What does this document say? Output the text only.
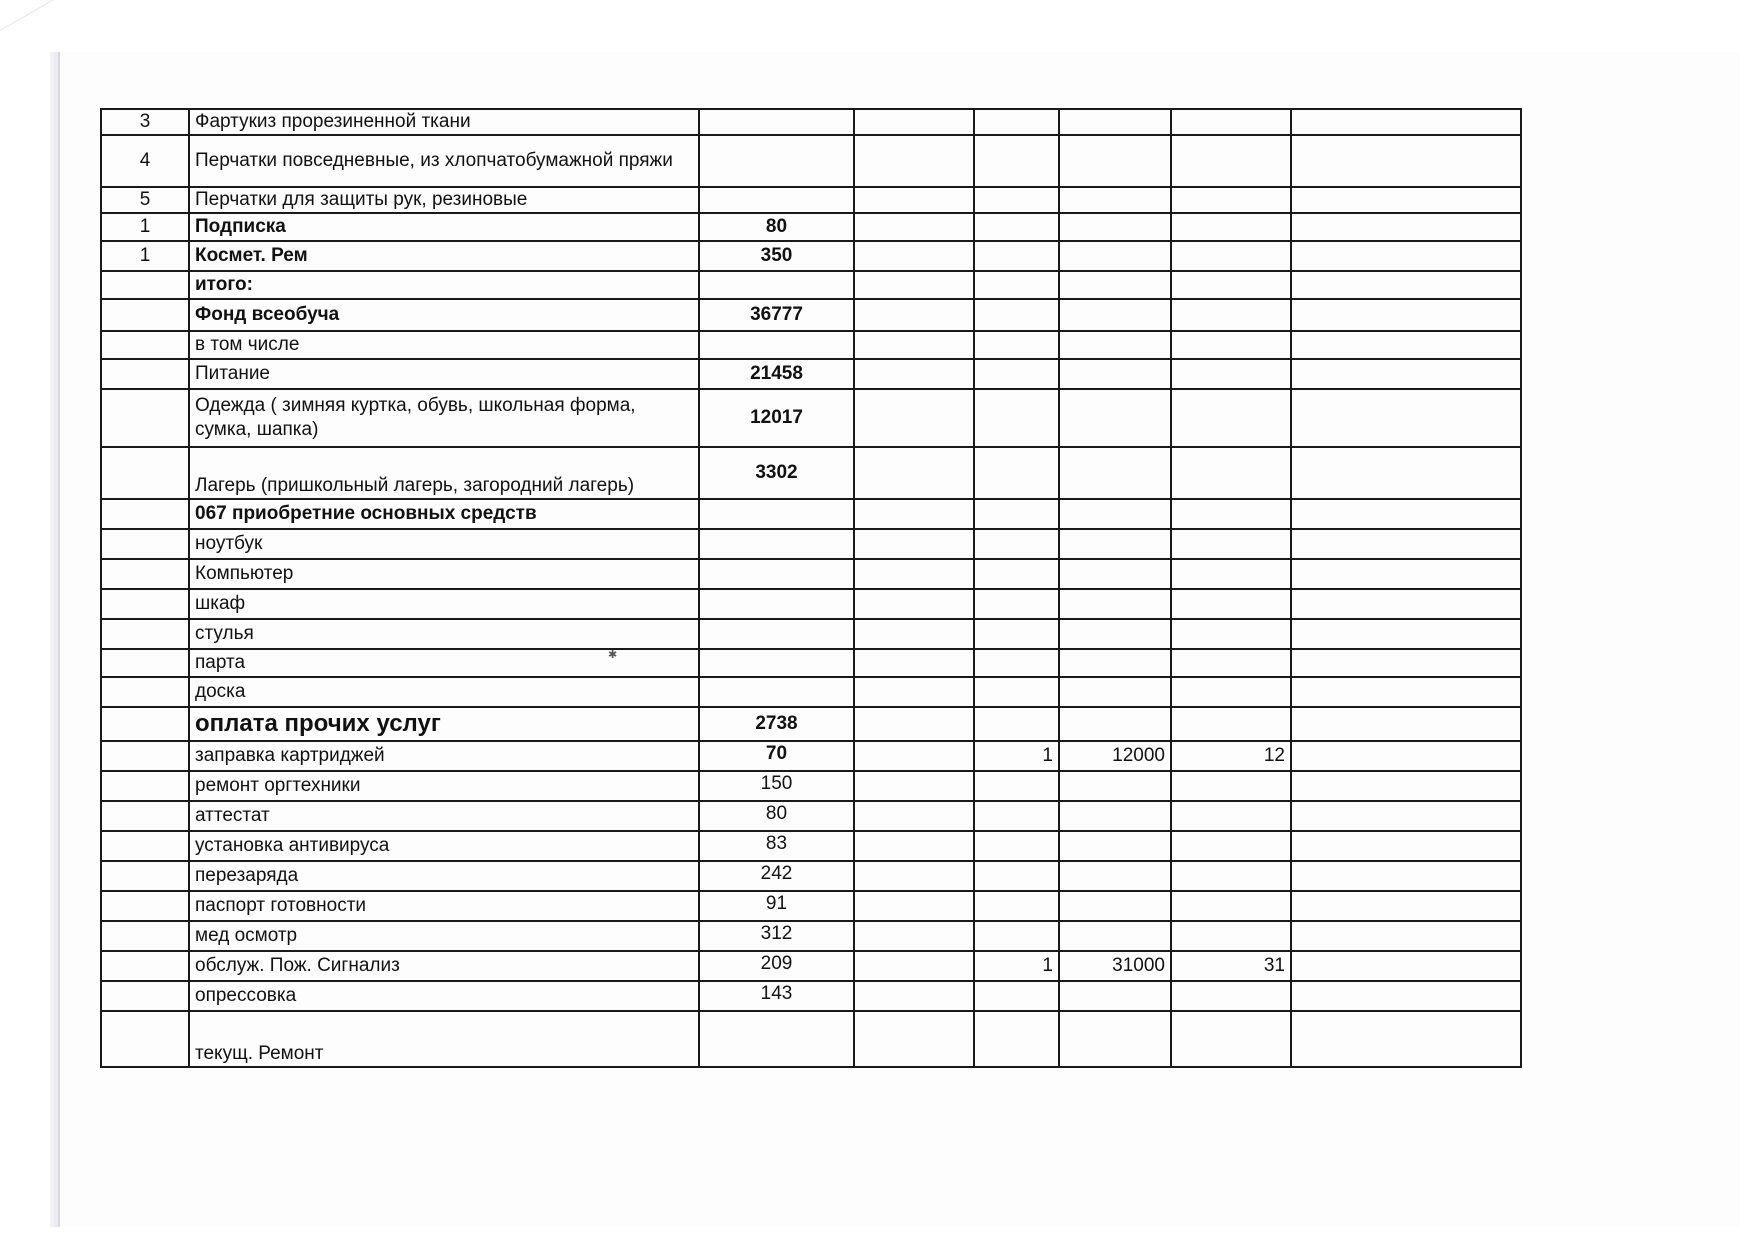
3	Фартукиз прорезиненной ткани						
4	Перчатки повседневные, из хлопчатобумажной пряжи						
5	Перчатки для защиты рук, резиновые						
1	Подписка	80					
1	Космет. Рем	350					
	итого:						
	Фонд всеобуча	36777					
	в том числе						
	Питание	21458					
	Одежда ( зимняя куртка, обувь, школьная форма, сумка, шапка)	12017					
	Лагерь (пришкольный лагерь, загородний лагерь)	3302					
	067 приобретние основных средств						
	ноутбук						
	Компьютер						
	шкаф						
	стулья						
	парта						
	доска						
	оплата прочих услуг	2738					
	заправка картриджей	70		1	12000	12	
	ремонт оргтехники	150					
	аттестат	80					
	установка антивируса	83					
	перезаряда	242					
	паспорт готовности	91					
	мед осмотр	312					
	обслуж. Пож. Сигнализ	209		1	31000	31	
	опрессовка	143					
	текущ. Ремонт						
✱
